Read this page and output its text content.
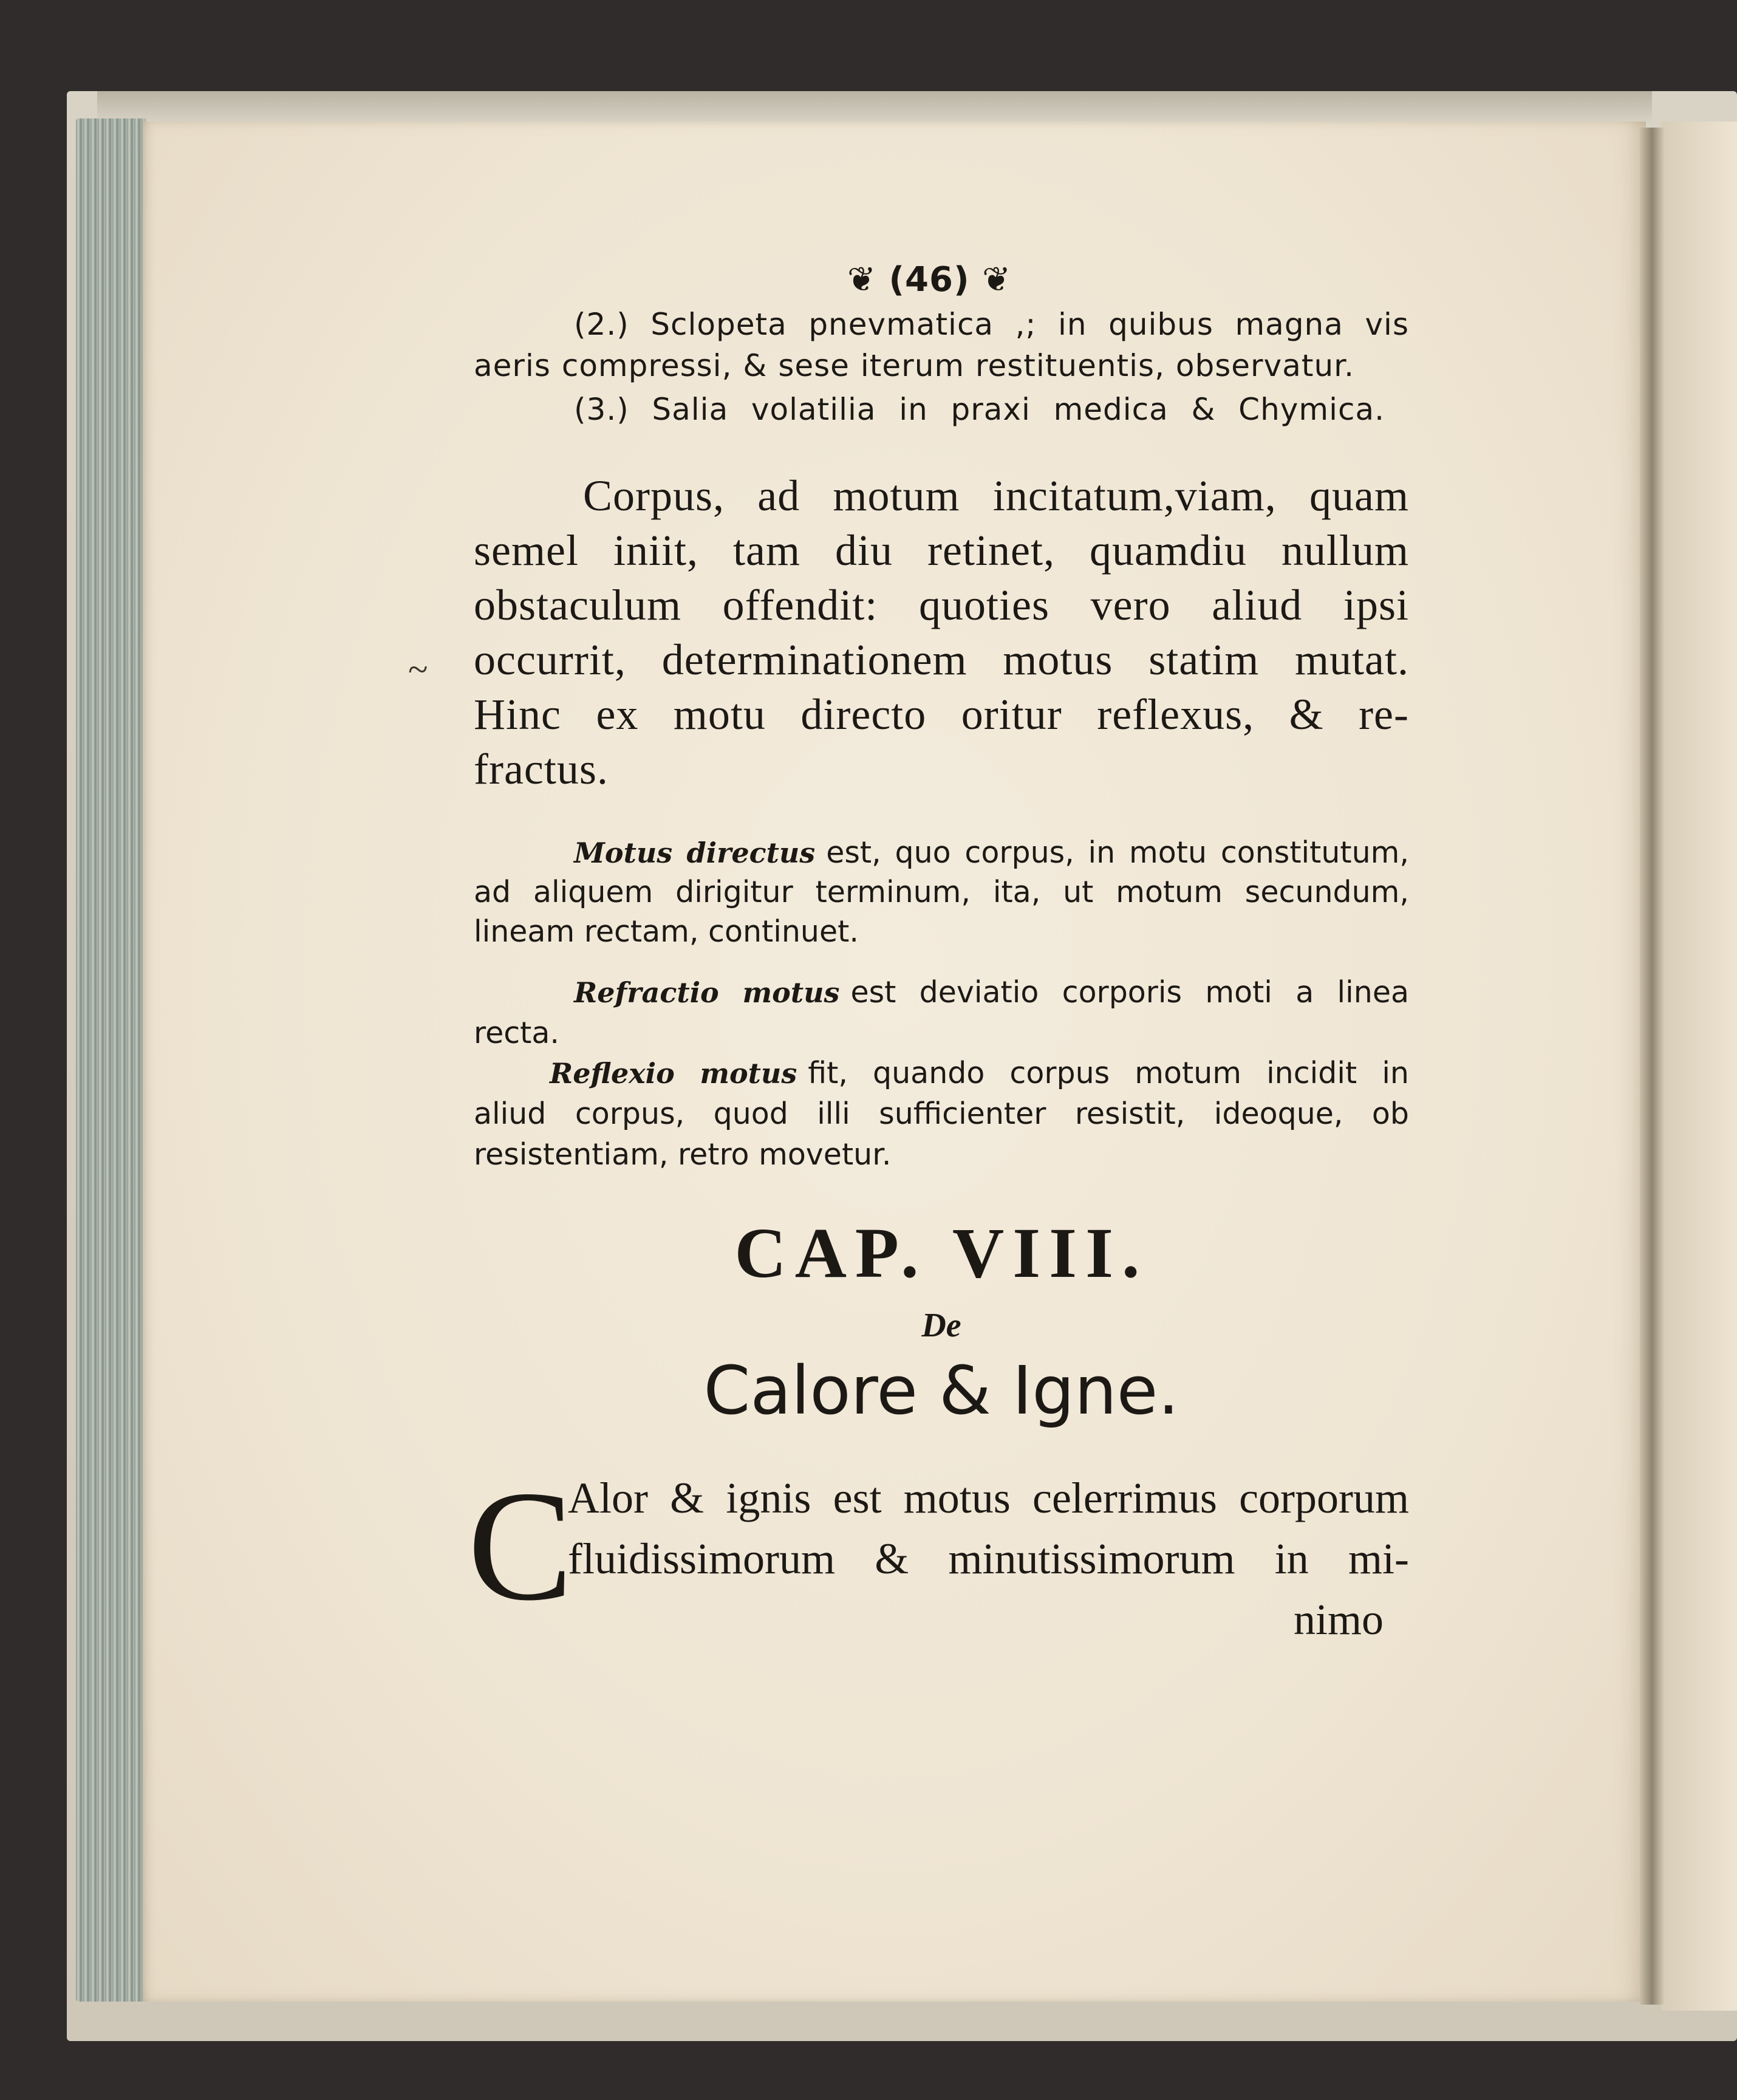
❦ (46) ❦
(2.) Sclopeta pnevmatica ,; in quibus magna vis
aeris compressi, & sese iterum restituentis, observatur.
(3.) Salia volatilia in praxi medica & Chymica.
Corpus, ad motum incitatum,viam, quam
semel iniit, tam diu retinet, quamdiu nullum
obstaculum offendit: quoties vero aliud ipsi
occurrit, determinationem motus statim mutat.
Hinc ex motu directo oritur reflexus, & re-
fractus.
~
Motus directus est, quo corpus, in motu constitutum,
ad aliquem dirigitur terminum, ita, ut motum secundum,
lineam rectam, continuet.
Refractio motus est deviatio corporis moti a linea
recta.
Reflexio motus fit, quando corpus motum incidit in
aliud corpus, quod illi sufficienter resistit, ideoque, ob
resistentiam, retro movetur.
CAP. VIII.
De
Calore & Igne.
C
Alor & ignis est motus celerrimus corporum
fluidissimorum & minutissimorum in mi-
nimo
